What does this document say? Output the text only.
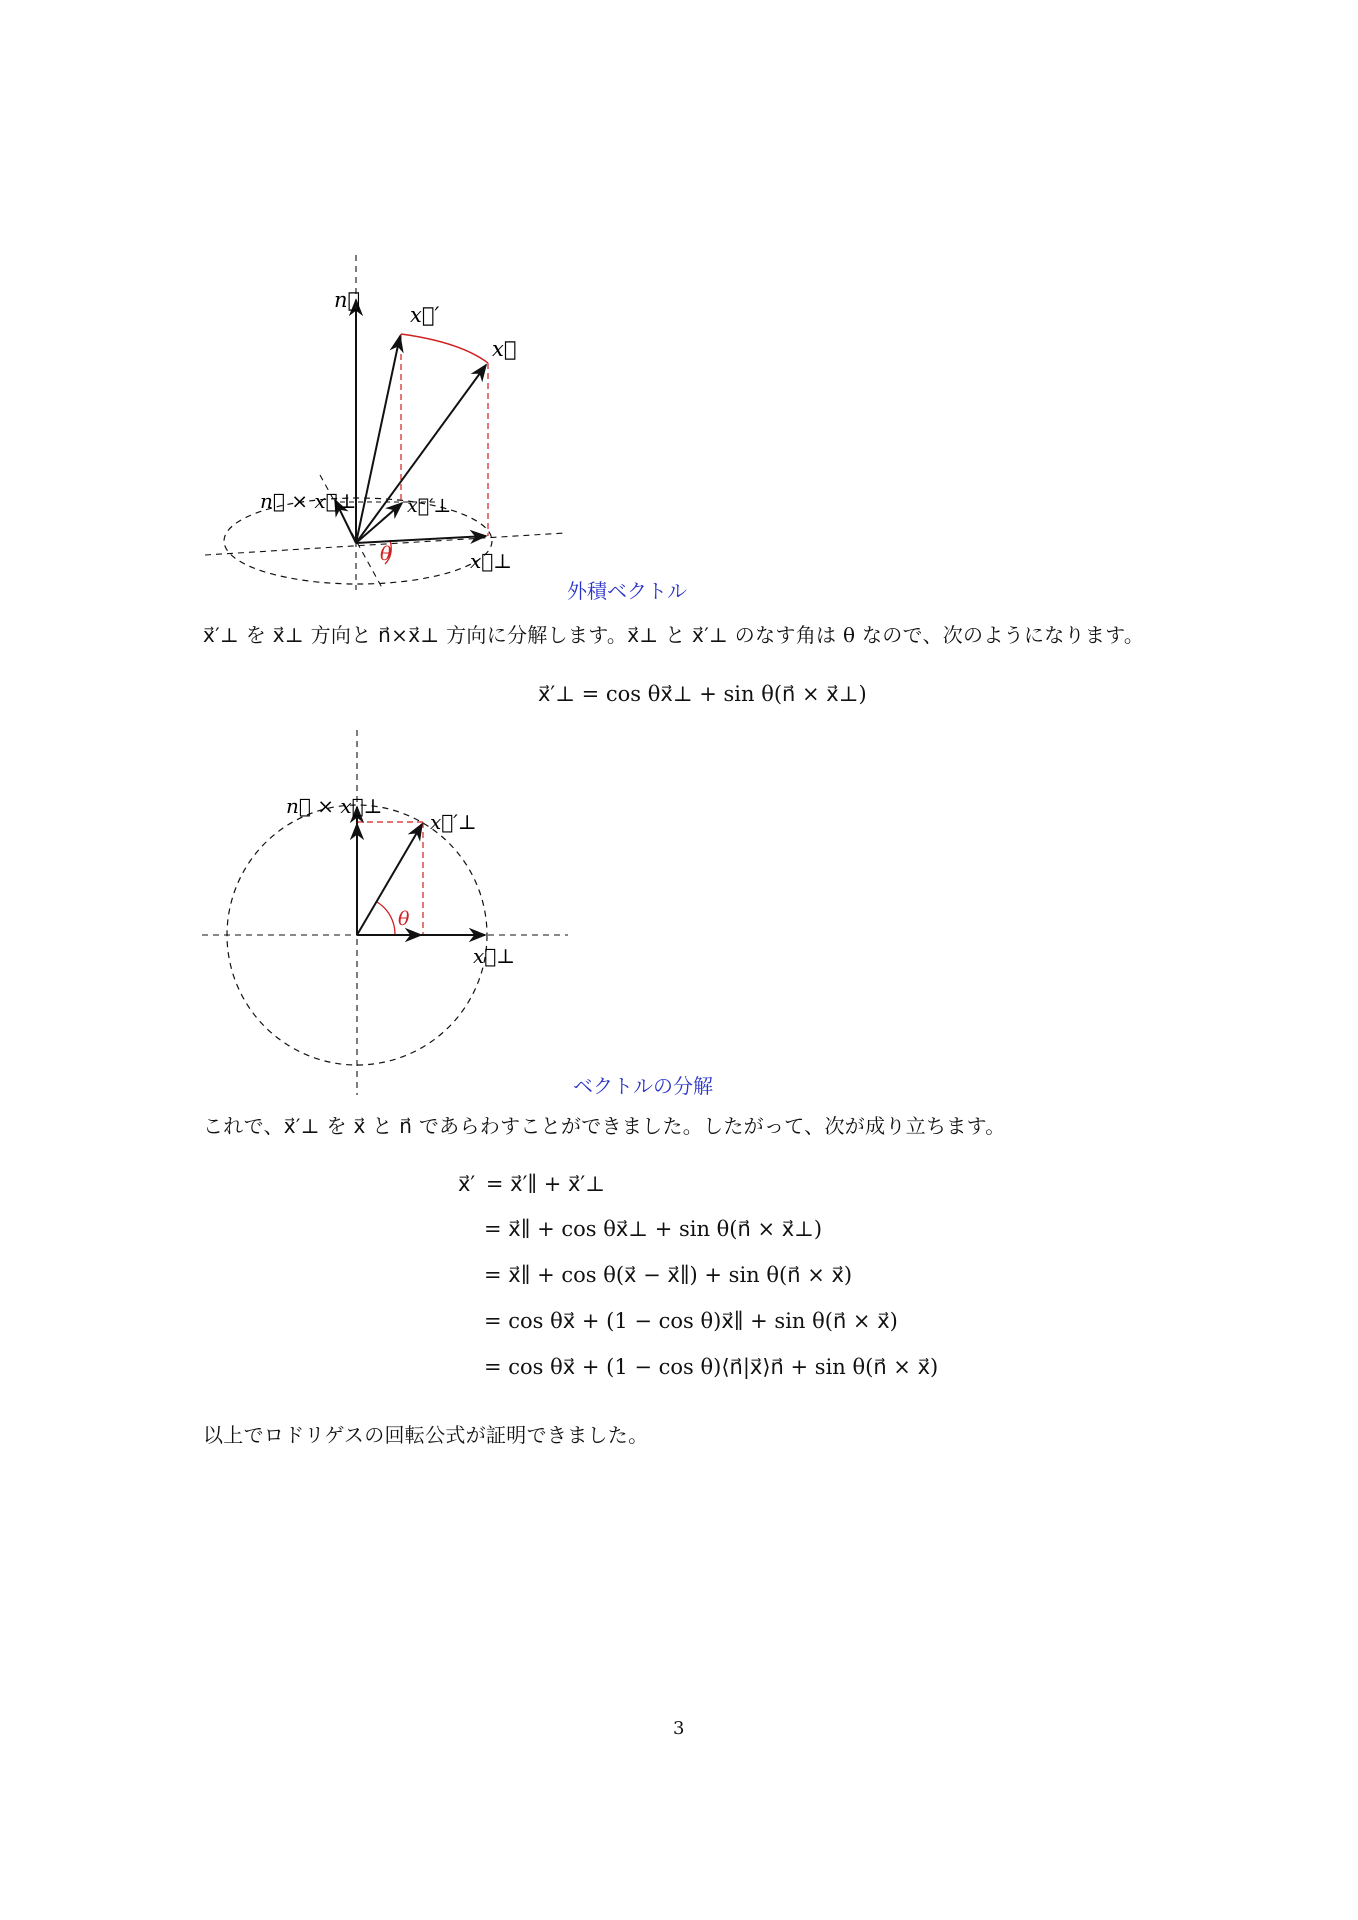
n⃗
x⃗′
x⃗
n⃗ × x⃗⊥	x⃗′⊥
x⃗⊥
θ
外積ベクトル
x⃗′⊥ を x⃗⊥ 方向と n⃗×x⃗⊥ 方向に分解します。x⃗⊥ と x⃗′⊥ のなす角は θ なので、次のようになります。
x⃗′⊥ = cos θx⃗⊥ + sin θ(n⃗ × x⃗⊥)
n⃗ × x⃗⊥
x⃗′⊥
x⃗⊥
θ
ベクトルの分解
これで、x⃗′⊥ を x⃗ と n⃗ であらわすことができました。したがって、次が成り立ちます。
x⃗′ = x⃗′∥ + x⃗′⊥
= x⃗∥ + cos θx⃗⊥ + sin θ(n⃗ × x⃗⊥)
= x⃗∥ + cos θ(x⃗ − x⃗∥) + sin θ(n⃗ × x⃗)
= cos θx⃗ + (1 − cos θ)x⃗∥ + sin θ(n⃗ × x⃗)
= cos θx⃗ + (1 − cos θ)⟨n⃗|x⃗⟩n⃗ + sin θ(n⃗ × x⃗)
以上でロドリゲスの回転公式が証明できました。
3
